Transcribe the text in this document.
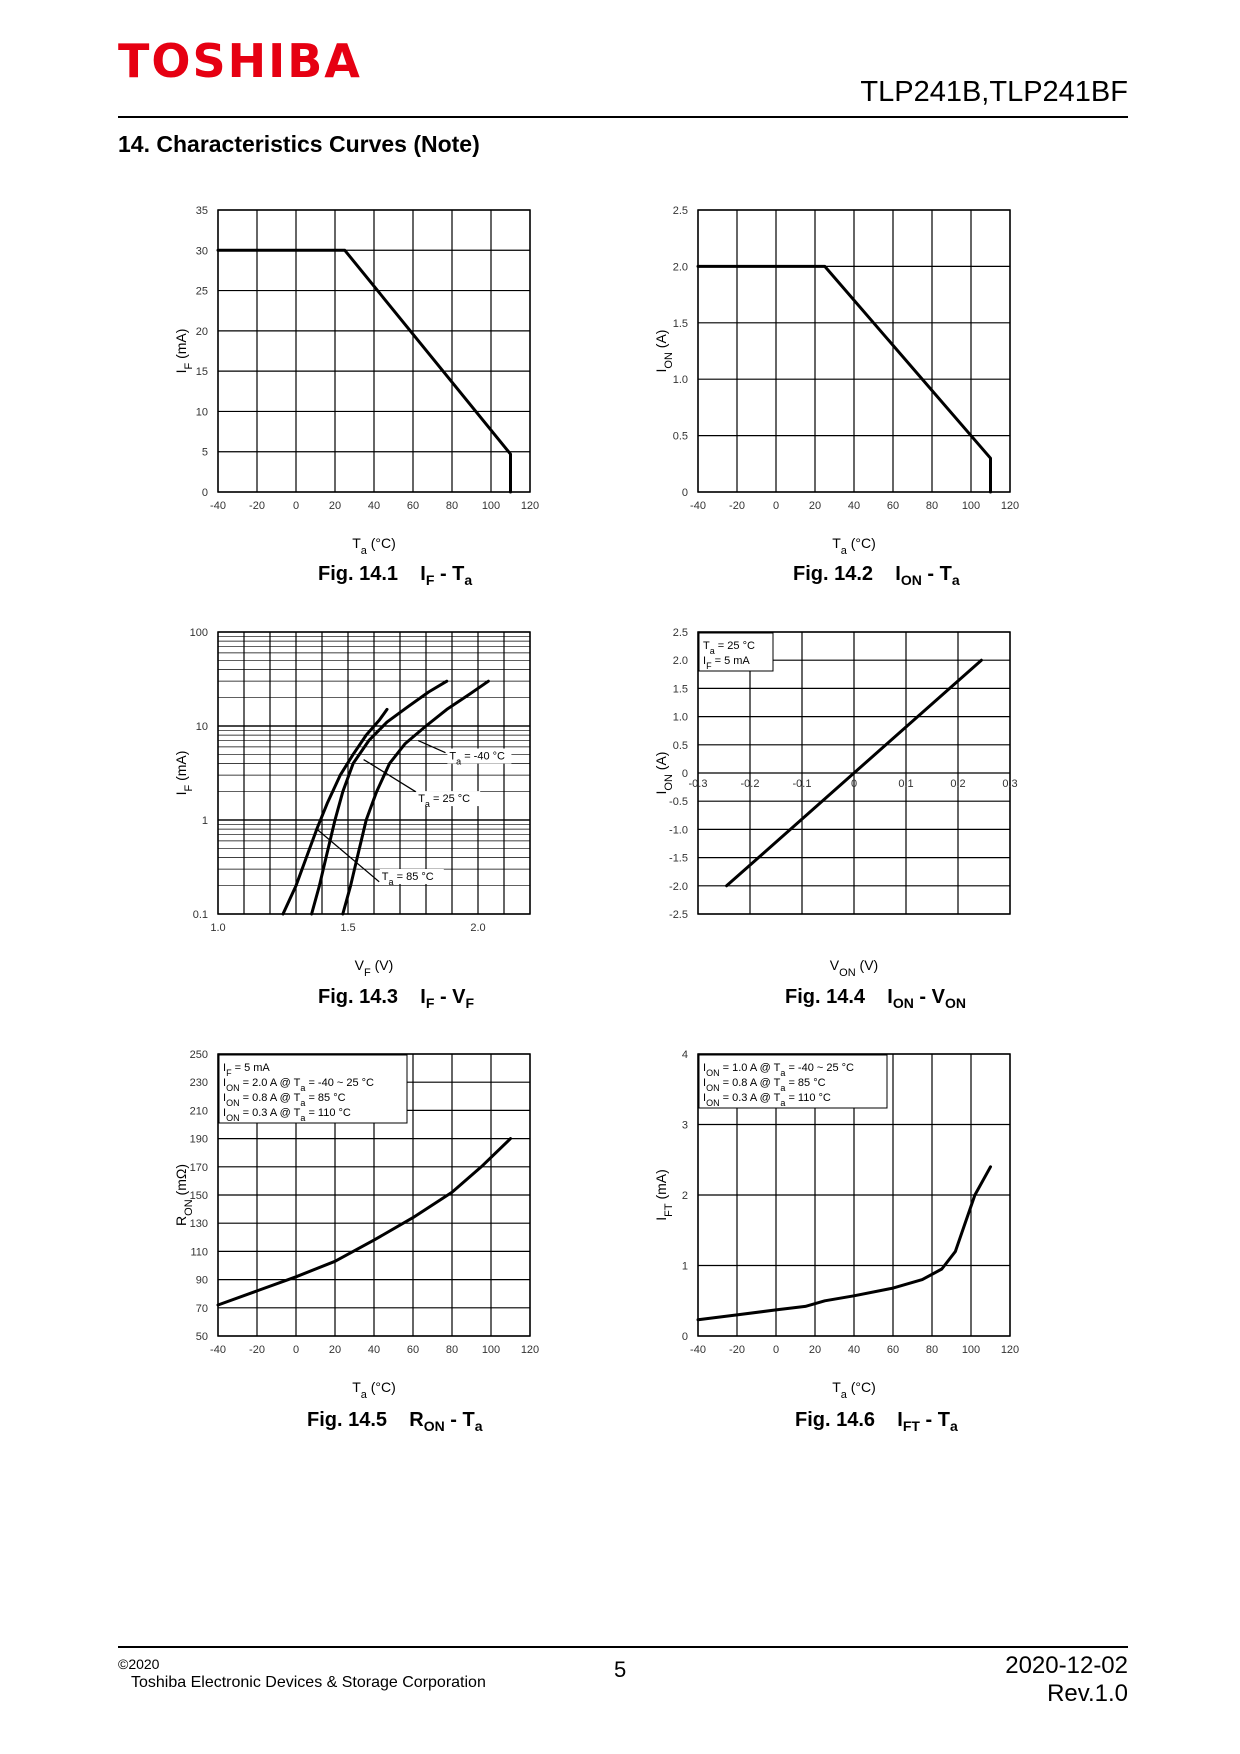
TOSHIBA
TLP241B,TLP241BF
14. Characteristics Curves (Note)
-40 -20	0	20 40 60 80 100 120
0
5
10
15
20
25
30
35
$T_a$ (°C)
$I_F$ (mA)
-40 -20	0	20 40 60 80 100 120
0
0.5
1.0
1.5
2.0
2.5
$T_a$ (°C)
$I_{ON}$ (A)
1.0	1.5	2.0
0.1
1
10
100
$V_F$ (V)
$I_F$ (mA)	$T_a = -40$ °C
$T_a = 25$ °C
$T_a = 85$ °C
-0.3	-0.2	-0.1	0	0.1	0.2	0.3
-2.5
-2.0
-1.5
-1.0
-0.5
0
0.5
1.0
1.5
2.0
2.5
$V_{ON}$ (V)
$I_{ON}$ (A)
$T_a = 25$ °C
$I_F = 5$ mA
-40 -20	0	20 40 60 80 100 120
50
70
90
110
130
150
170
190
210
230
250
$T_a$ (°C)
$R_{ON}$ (mΩ)
$I_F = 5$ mA
$I_{ON} = 2.0$ A @ $T_a = -40$ ~ 25 °C
$I_{ON} = 0.8$ A @ $T_a = 85$ °C
$I_{ON} = 0.3$ A @ $T_a = 110$ °C
-40 -20	0	20 40 60 80 100 120
0
1
2
3
4
$T_a$ (°C)
$I_{FT}$ (mA)
$I_{ON} = 1.0$ A @ $T_a = -40$ ~ 25 °C
$I_{ON} = 0.8$ A @ $T_a = 85$ °C
$I_{ON} = 0.3$ A @ $T_a = 110$ °C
Fig. 14.1 $I_F - T_a$	Fig. 14.2 $I_{ON} - T_a$
Fig. 14.3 $I_F - V_F$	Fig. 14.4 $I_{ON} - V_{ON}$
Fig. 14.5 $R_{ON} - T_a$	Fig. 14.6 $I_{FT} - T_a$
©2020
Toshiba Electronic Devices & Storage Corporation
5	2020-12-02
Rev.1.0
